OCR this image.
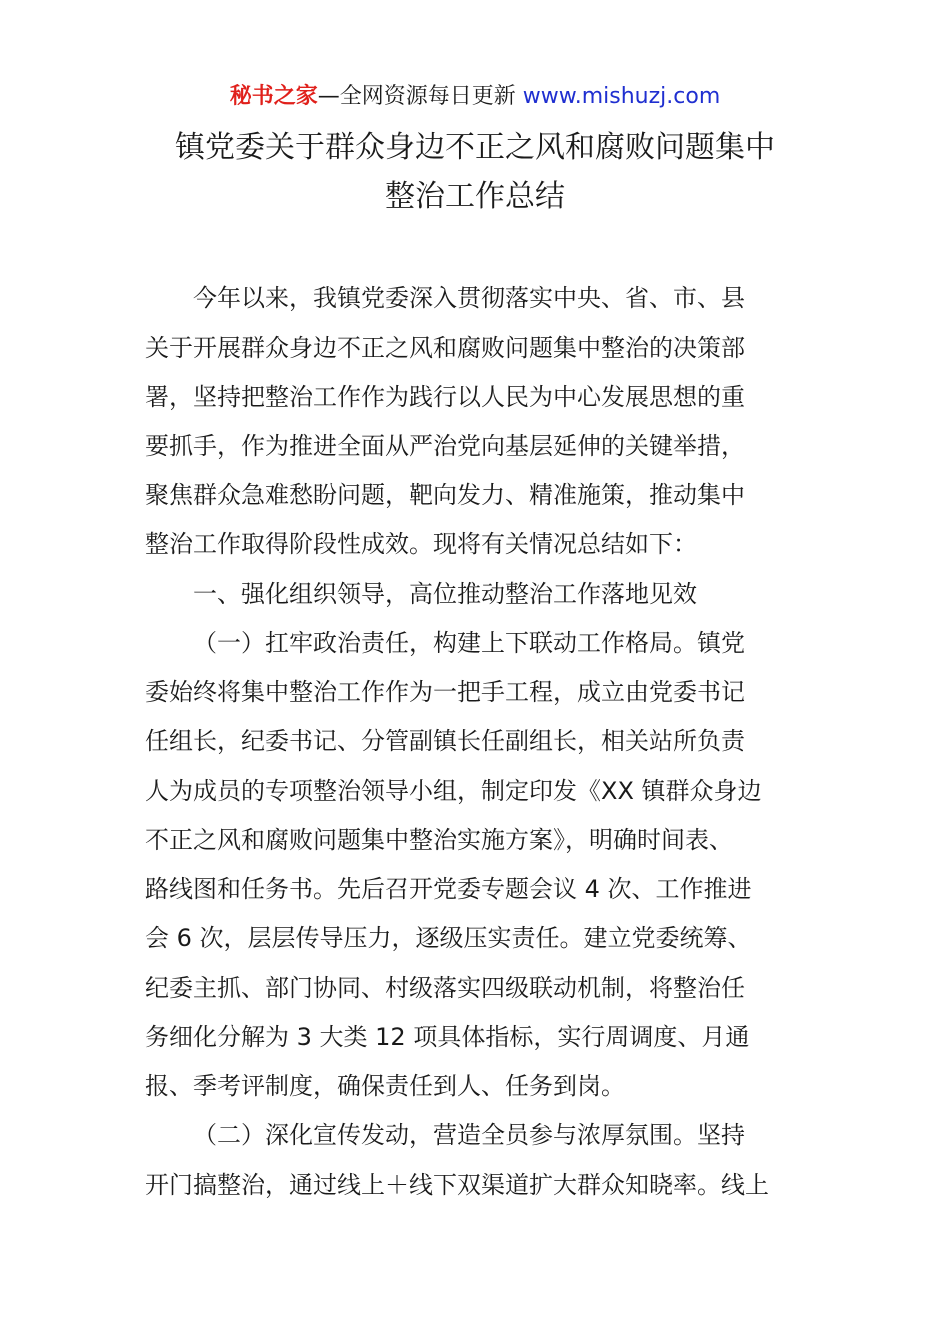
秘书之家—全网资源每日更新 www.mishuzj.com
镇党委关于群众身边不正之风和腐败问题集中
整治工作总结
今年以来，我镇党委深入贯彻落实中央、省、市、县
关于开展群众身边不正之风和腐败问题集中整治的决策部
署，坚持把整治工作作为践行以人民为中心发展思想的重
要抓手，作为推进全面从严治党向基层延伸的关键举措，
聚焦群众急难愁盼问题，靶向发力、精准施策，推动集中
整治工作取得阶段性成效。现将有关情况总结如下：
一、强化组织领导，高位推动整治工作落地见效
（一）扛牢政治责任，构建上下联动工作格局。镇党
委始终将集中整治工作作为一把手工程，成立由党委书记
任组长，纪委书记、分管副镇长任副组长，相关站所负责
人为成员的专项整治领导小组，制定印发《XX 镇群众身边
不正之风和腐败问题集中整治实施方案》，明确时间表、
路线图和任务书。先后召开党委专题会议 4 次、工作推进
会 6 次，层层传导压力，逐级压实责任。建立党委统筹、
纪委主抓、部门协同、村级落实四级联动机制，将整治任
务细化分解为 3 大类 12 项具体指标，实行周调度、月通
报、季考评制度，确保责任到人、任务到岗。
（二）深化宣传发动，营造全员参与浓厚氛围。坚持
开门搞整治，通过线上＋线下双渠道扩大群众知晓率。线上
